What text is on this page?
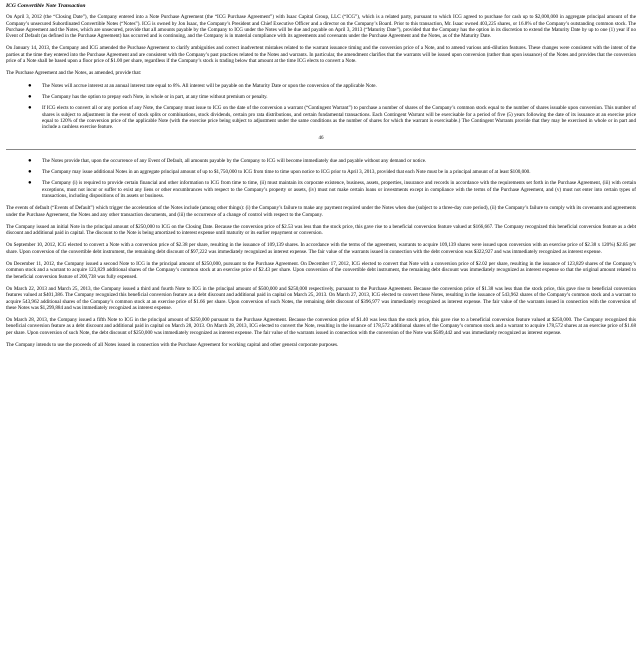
ICG Convertible Note Transaction

On April 3, 2012 (the “Closing Date”), the Company entered into a Note Purchase Agreement (the “ICG Purchase Agreement”) with Isaac Capital Group, LLC (“ICG”), which is a related party, pursuant to which ICG agreed to purchase for cash up to $2,000,000 in aggregate principal amount of the Company’s unsecured Subordinated Convertible Notes (“Notes”). ICG is owned by Jon Isaac, the Company’s President and Chief Executive Officer and a director on the Company’s Board. Prior to this transaction, Mr. Isaac owned 403,225 shares, or 16.8% of the Company’s outstanding common stock. The Purchase Agreement and the Notes, which are unsecured, provide that all amounts payable by the Company to ICG under the Notes will be due and payable on April 3, 2013 (“Maturity Date”), provided that the Company has the option in its discretion to extend the Maturity Date by up to one (1) year if no Event of Default (as defined in the Purchase Agreement) has occurred and is continuing, and the Company is in material compliance with its agreements and covenants under the Purchase Agreement and the Notes, as of the Maturity Date.

On January 14, 2013, the Company and ICG amended the Purchase Agreement to clarify ambiguities and correct inadvertent mistakes related to the warrant issuance timing and the conversion price of a Note, and to amend various anti-dilution features. These changes were consistent with the intent of the parties at the time they entered into the Purchase Agreement and are consistent with the Company’s past practices related to the Notes and warrants. In particular, the amendment clarifies that the warrants will be issued upon conversion (rather than upon issuance) of the Notes and provides that the conversion price of a Note shall be based upon a floor price of $1.00 per share, regardless if the Company’s stock is trading below that amount at the time ICG elects to convert a Note.

The Purchase Agreement and the Notes, as amended, provide that:

● The Notes will accrue interest at an annual interest rate equal to 8%. All interest will be payable on the Maturity Date or upon the conversion of the applicable Note.
● The Company has the option to prepay each Note, in whole or in part, at any time without premium or penalty.
● If ICG elects to convert all or any portion of any Note, the Company must issue to ICG on the date of the conversion a warrant (“Contingent Warrant”) to purchase a number of shares of the Company’s common stock equal to the number of shares issuable upon conversion. This number of shares is subject to adjustment in the event of stock splits or combinations, stock dividends, certain pro rata distributions, and certain fundamental transactions. Each Contingent Warrant will be exercisable for a period of five (5) years following the date of its issuance at an exercise price equal to 120% of the conversion price of the applicable Note (with the exercise price being subject to adjustment under the same conditions as the number of shares for which the warrant is exercisable.) The Contingent Warrants provide that they may be exercised in whole or in part and include a cashless exercise feature.
46
● The Notes provide that, upon the occurrence of any Event of Default, all amounts payable by the Company to ICG will become immediately due and payable without any demand or notice.
● The Company may issue additional Notes in an aggregate principal amount of up to $1,750,000 to ICG from time to time upon notice to ICG prior to April 3, 2013, provided that each Note must be in a principal amount of at least $100,000.
● The Company (i) is required to provide certain financial and other information to ICG from time to time, (ii) must maintain its corporate existence, business, assets, properties, insurance and records in accordance with the requirements set forth in the Purchase Agreement, (iii) with certain exceptions, must not incur or suffer to exist any liens or other encumbrances with respect to the Company’s property or assets, (iv) must not make certain loans or investments except in compliance with the terms of the Purchase Agreement, and (v) must not enter into certain types of transactions, including dispositions of its assets or business.

The events of default (“Events of Default”) which trigger the acceleration of the Notes include (among other things): (i) the Company’s failure to make any payment required under the Notes when due (subject to a three-day cure period), (ii) the Company’s failure to comply with its covenants and agreements under the Purchase Agreement, the Notes and any other transaction documents, and (iii) the occurrence of a change of control with respect to the Company.

The Company issued an initial Note in the principal amount of $250,000 to ICG on the Closing Date. Because the conversion price of $2.53 was less than the stock price, this gave rise to a beneficial conversion feature valued at $166,667. The Company recognized this beneficial conversion feature as a debt discount and additional paid in capital. The discount to the Note is being amortized to interest expense until maturity or its earlier repayment or conversion.

On September 10, 2012, ICG elected to convert a Note with a conversion price of $2.38 per share, resulting in the issuance of 109,139 shares. In accordance with the terms of the agreement, warrants to acquire 109,139 shares were issued upon conversion with an exercise price of $2.38 x 120%) $2.85 per share. Upon conversion of the convertible debt instrument, the remaining debt discount of $97,222 was immediately recognized as interest expense. The fair value of the warrants issued in connection with the debt conversion was $322,927 and was immediately recognized as interest expense.

On December 11, 2012, the Company issued a second Note to ICG in the principal amount of $250,000, pursuant to the Purchase Agreement. On December 17, 2012, ICG elected to convert that Note with a conversion price of $2.02 per share, resulting in the issuance of 123,829 shares of the Company’s common stock and a warrant to acquire 123,829 additional shares of the Company’s common stock at an exercise price of $2.43 per share. Upon conversion of the convertible debt instrument, the remaining debt discount was immediately recognized as interest expense so that the original amount related to the beneficial conversion feature of 200,738 was fully expensed.

On March 22, 2013 and March 25, 2013, the Company issued a third and fourth Note to ICG in the principal amount of $500,000 and $250,000 respectively, pursuant to the Purchase Agreement. Because the conversion price of $1.38 was less than the stock price, this gave rise to beneficial conversion features valued at $401,386. The Company recognized this beneficial conversion feature as a debt discount and additional paid in capital on March 25, 2013. On March 27, 2013, ICG elected to convert these Notes, resulting in the issuance of 543,962 shares of the Company’s common stock and a warrant to acquire 543,962 additional shares of the Company’s common stock at an exercise price of $1.66 per share. Upon conversion of such Notes, the remaining debt discount of $396,977 was immediately recognized as interest expense. The fair value of the warrants issued in connection with the conversion of these Notes was $1,299,884 and was immediately recognized as interest expense.

On March 28, 2013, the Company issued a fifth Note to ICG in the principal amount of $250,000 pursuant to the Purchase Agreement. Because the conversion price of $1.40 was less than the stock price, this gave rise to a beneficial conversion feature valued at $250,000. The Company recognized this beneficial conversion feature as a debt discount and additional paid in capital on March 28, 2013. On March 28, 2013, ICG elected to convert the Note, resulting in the issuance of 178,572 additional shares of the Company’s common stock and a warrant to acquire 178,572 shares at an exercise price of $1.68 per share. Upon conversion of such Note, the debt discount of $250,000 was immediately recognized as interest expense. The fair value of the warrants issued in connection with the conversion of the Note was $589,442 and was immediately recognized as interest expense.

The Company intends to use the proceeds of all Notes issued in connection with the Purchase Agreement for working capital and other general corporate purposes.
